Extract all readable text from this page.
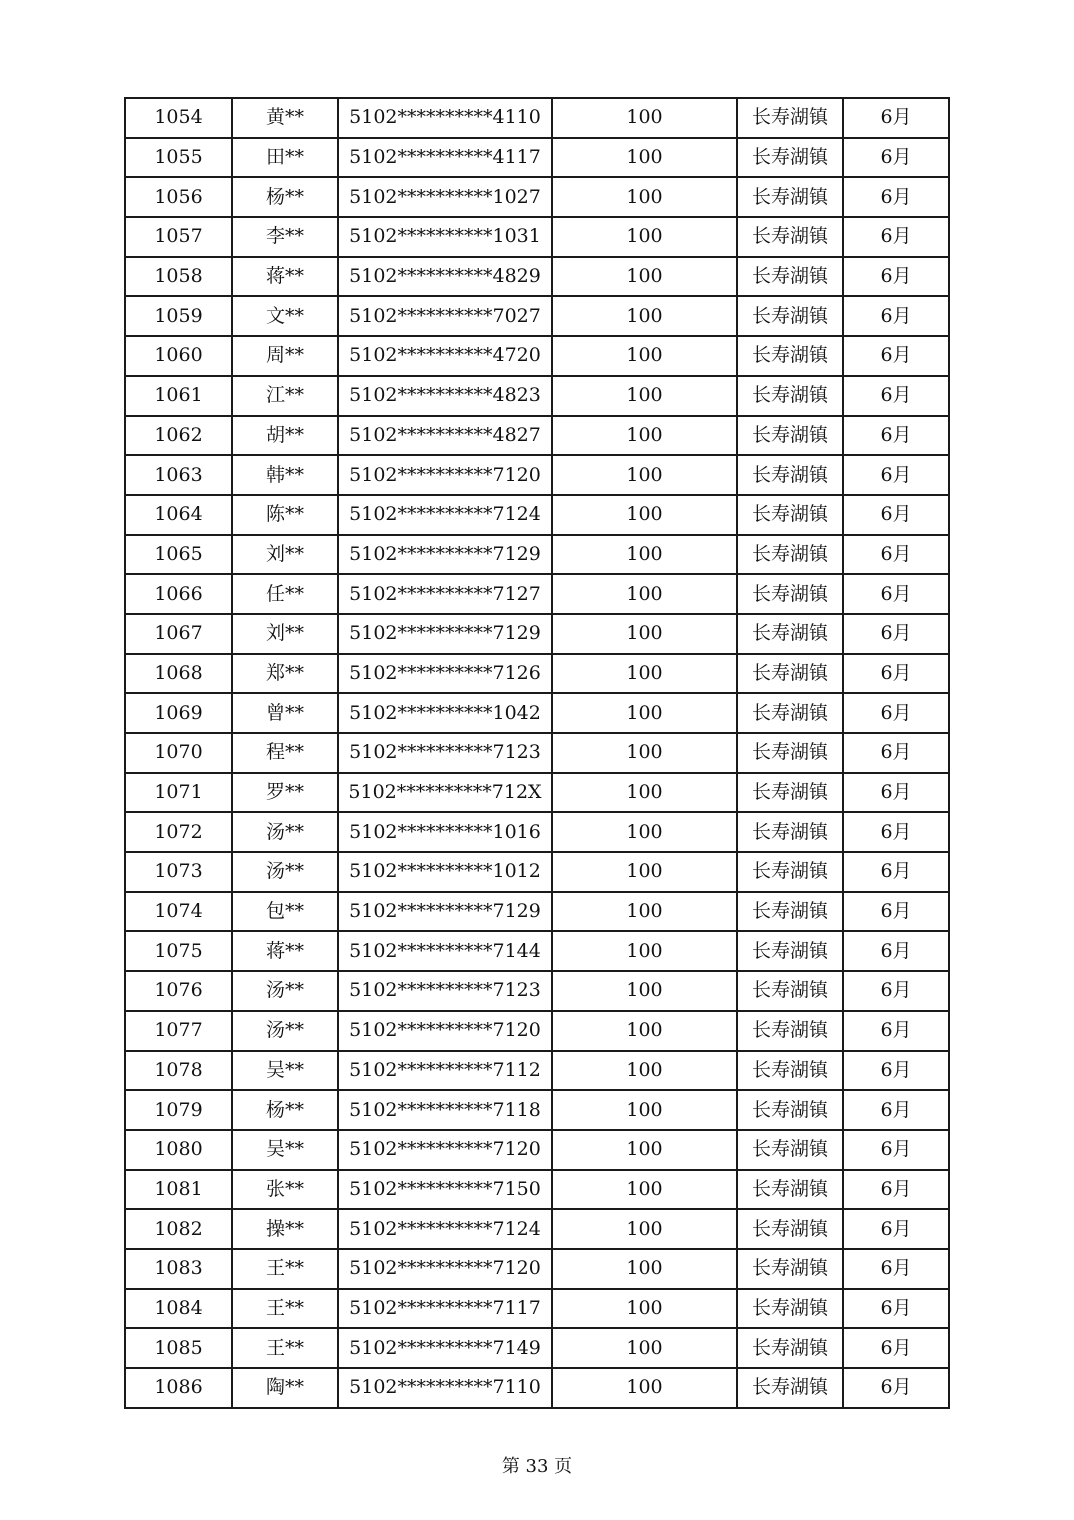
1054	黄**	5102**********4110	100	长寿湖镇	6月
1055	田**	5102**********4117	100	长寿湖镇	6月
1056	杨**	5102**********1027	100	长寿湖镇	6月
1057	李**	5102**********1031	100	长寿湖镇	6月
1058	蒋**	5102**********4829	100	长寿湖镇	6月
1059	文**	5102**********7027	100	长寿湖镇	6月
1060	周**	5102**********4720	100	长寿湖镇	6月
1061	江**	5102**********4823	100	长寿湖镇	6月
1062	胡**	5102**********4827	100	长寿湖镇	6月
1063	韩**	5102**********7120	100	长寿湖镇	6月
1064	陈**	5102**********7124	100	长寿湖镇	6月
1065	刘**	5102**********7129	100	长寿湖镇	6月
1066	任**	5102**********7127	100	长寿湖镇	6月
1067	刘**	5102**********7129	100	长寿湖镇	6月
1068	郑**	5102**********7126	100	长寿湖镇	6月
1069	曾**	5102**********1042	100	长寿湖镇	6月
1070	程**	5102**********7123	100	长寿湖镇	6月
1071	罗**	5102**********712X	100	长寿湖镇	6月
1072	汤**	5102**********1016	100	长寿湖镇	6月
1073	汤**	5102**********1012	100	长寿湖镇	6月
1074	包**	5102**********7129	100	长寿湖镇	6月
1075	蒋**	5102**********7144	100	长寿湖镇	6月
1076	汤**	5102**********7123	100	长寿湖镇	6月
1077	汤**	5102**********7120	100	长寿湖镇	6月
1078	吴**	5102**********7112	100	长寿湖镇	6月
1079	杨**	5102**********7118	100	长寿湖镇	6月
1080	吴**	5102**********7120	100	长寿湖镇	6月
1081	张**	5102**********7150	100	长寿湖镇	6月
1082	操**	5102**********7124	100	长寿湖镇	6月
1083	王**	5102**********7120	100	长寿湖镇	6月
1084	王**	5102**********7117	100	长寿湖镇	6月
1085	王**	5102**********7149	100	长寿湖镇	6月
1086	陶**	5102**********7110	100	长寿湖镇	6月
第 33 页
